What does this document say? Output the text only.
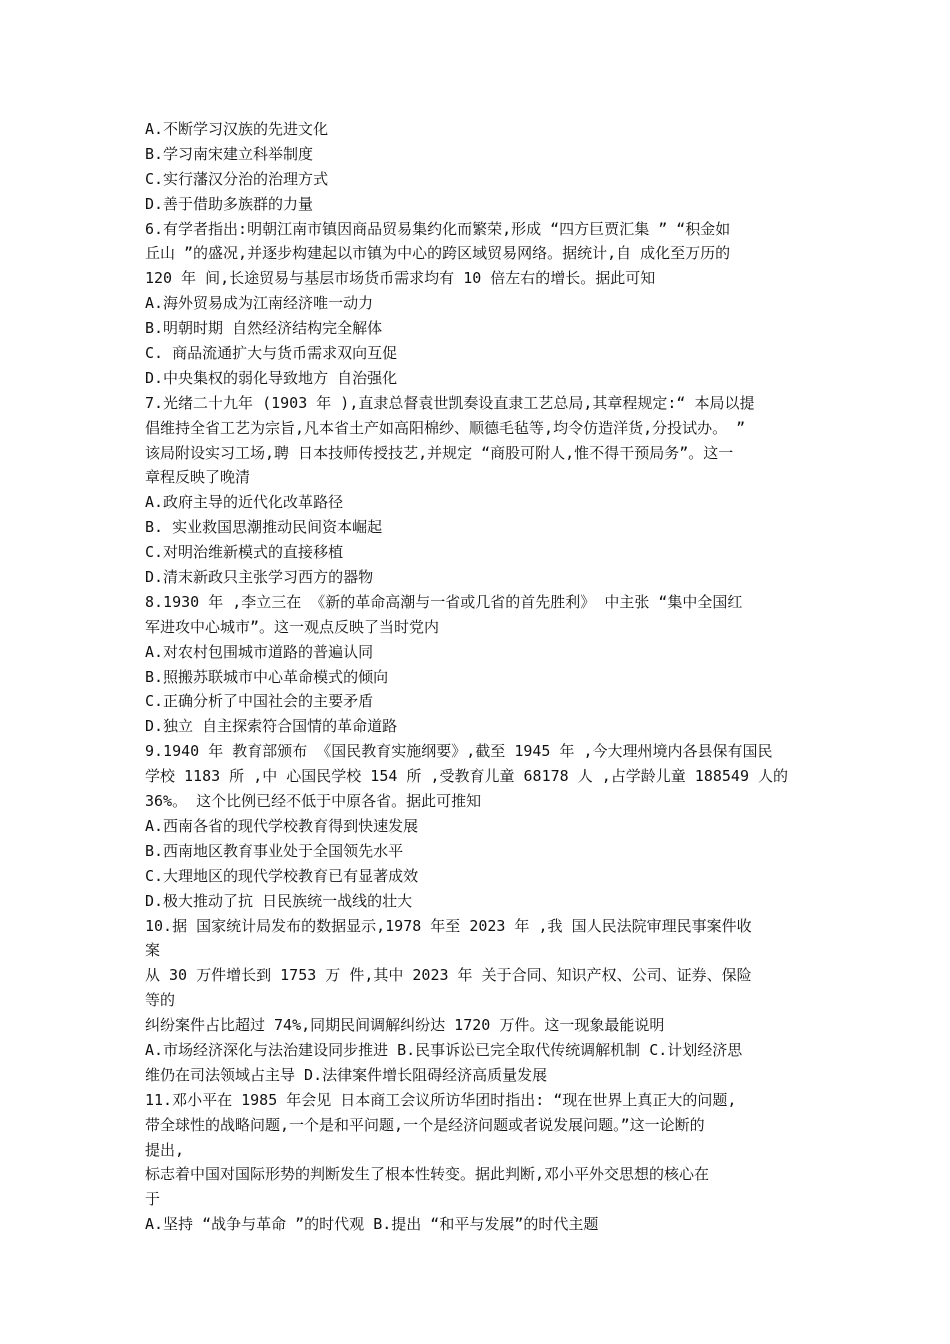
A.不断学习汉族的先进文化
B.学习南宋建立科举制度
C.实行藩汉分治的治理方式
D.善于借助多族群的力量
6.有学者指出:明朝江南市镇因商品贸易集约化而繁荣,形成 “四方巨贾汇集 ” “积金如
丘山 ”的盛况,并逐步构建起以市镇为中心的跨区域贸易网络。据统计,自 成化至万历的
120 年 间,长途贸易与基层市场货币需求均有 10 倍左右的增长。据此可知
A.海外贸易成为江南经济唯一动力
B.明朝时期 自然经济结构完全解体
C. 商品流通扩大与货币需求双向互促
D.中央集权的弱化导致地方 自治强化
7.光绪二十九年 (1903 年 ),直隶总督袁世凯奏设直隶工艺总局,其章程规定:“ 本局以提
倡维持全省工艺为宗旨,凡本省土产如高阳棉纱、顺德毛毡等,均令仿造洋货,分投试办。 ”
该局附设实习工场,聘 日本技师传授技艺,并规定 “商股可附人,惟不得干预局务”。这一
章程反映了晚清
A.政府主导的近代化改革路径
B. 实业救国思潮推动民间资本崛起
C.对明治维新模式的直接移植
D.清末新政只主张学习西方的器物
8.1930 年 ,李立三在 《新的革命高潮与一省或几省的首先胜利》 中主张 “集中全国红
军进攻中心城市”。这一观点反映了当时党内
A.对农村包围城市道路的普遍认同
B.照搬苏联城市中心革命模式的倾向
C.正确分析了中国社会的主要矛盾
D.独立 自主探索符合国情的革命道路
9.1940 年 教育部颁布 《国民教育实施纲要》,截至 1945 年 ,今大理州境内各县保有国民
学校 1183 所 ,中 心国民学校 154 所 ,受教育儿童 68178 人 ,占学龄儿童 188549 人的
36%。 这个比例已经不低于中原各省。据此可推知
A.西南各省的现代学校教育得到快速发展
B.西南地区教育事业处于全国领先水平
C.大理地区的现代学校教育已有显著成效
D.极大推动了抗 日民族统一战线的壮大
10.据 国家统计局发布的数据显示,1978 年至 2023 年 ,我 国人民法院审理民事案件收
案
从 30 万件增长到 1753 万 件,其中 2023 年 关于合同、知识产权、公司、证券、保险
等的
纠纷案件占比超过 74%,同期民间调解纠纷达 1720 万件。这一现象最能说明
A.市场经济深化与法治建设同步推进 B.民事诉讼已完全取代传统调解机制 C.计划经济思
维仍在司法领域占主导 D.法律案件增长阻碍经济高质量发展
11.邓小平在 1985 年会见 日本商工会议所访华团时指出: “现在世界上真正大的问题,
带全球性的战略问题,一个是和平问题,一个是经济问题或者说发展问题。”这一论断的
提出,
标志着中国对国际形势的判断发生了根本性转变。据此判断,邓小平外交思想的核心在
于
A.坚持 “战争与革命 ”的时代观 B.提出 “和平与发展”的时代主题
